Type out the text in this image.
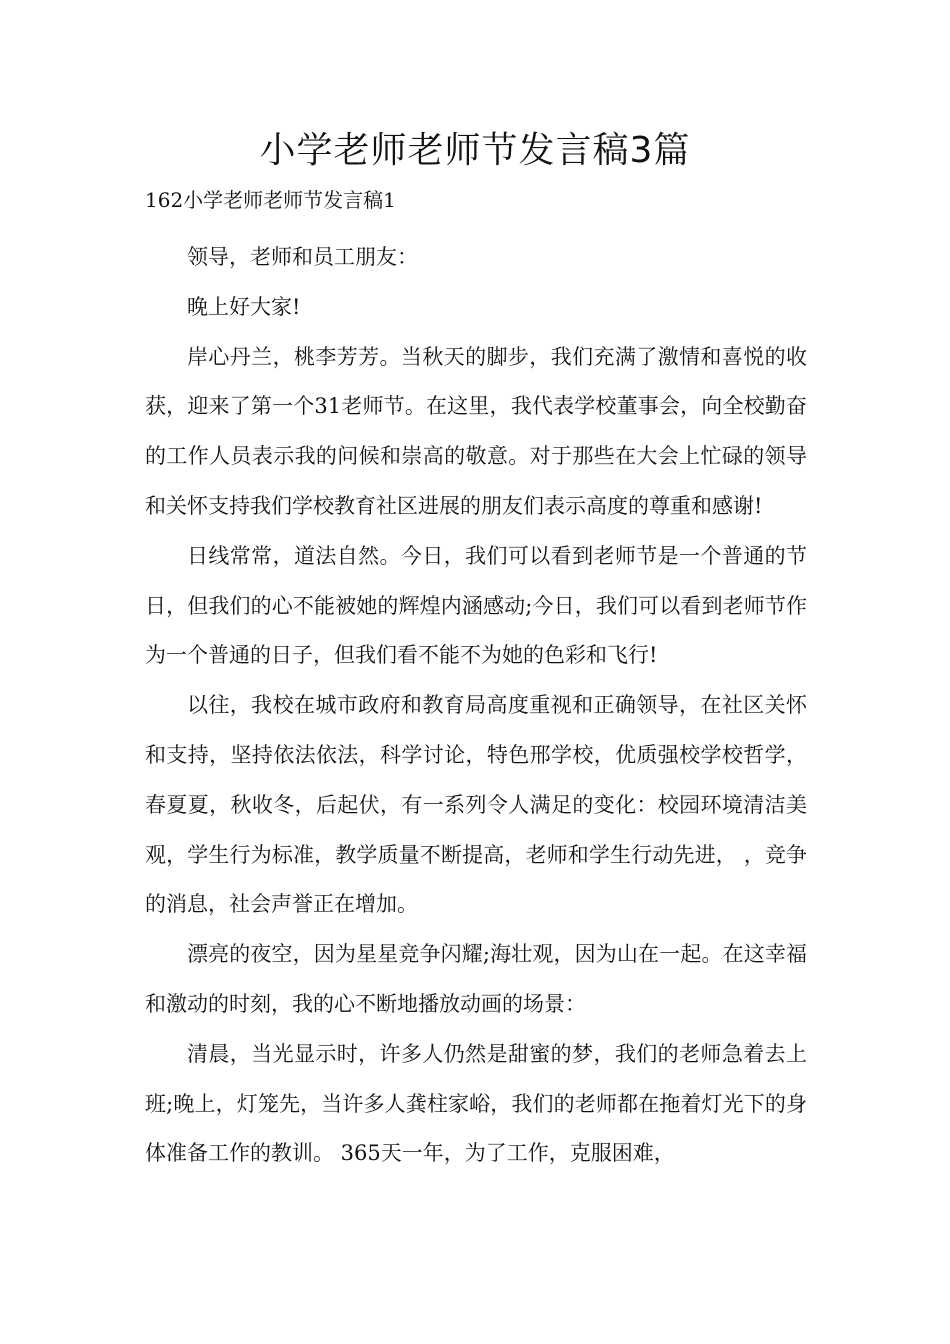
小学老师老师节发言稿3篇
162小学老师老师节发言稿1

领导，老师和员工朋友：

晚上好大家!

岸心丹兰，桃李芳芳。当秋天的脚步，我们充满了激情和喜悦的收获，迎来了第一个31老师节。在这里，我代表学校董事会，向全校勤奋的工作人员表示我的问候和崇高的敬意。对于那些在大会上忙碌的领导和关怀支持我们学校教育社区进展的朋友们表示高度的尊重和感谢!

日线常常，道法自然。今日，我们可以看到老师节是一个普通的节日，但我们的心不能被她的辉煌内涵感动;今日，我们可以看到老师节作为一个普通的日子，但我们看不能不为她的色彩和飞行!

以往，我校在城市政府和教育局高度重视和正确领导，在社区关怀和支持，坚持依法依法，科学讨论，特色邢学校，优质强校学校哲学，春夏夏，秋收冬，后起伏，有一系列令人满足的变化：校园环境清洁美观，学生行为标准，教学质量不断提高，老师和学生行动先进， ，竞争的消息，社会声誉正在增加。

漂亮的夜空，因为星星竞争闪耀;海壮观，因为山在一起。在这幸福和激动的时刻，我的心不断地播放动画的场景：

清晨，当光显示时，许多人仍然是甜蜜的梦，我们的老师急着去上班;晚上，灯笼先，当许多人龚柱家峪，我们的老师都在拖着灯光下的身体准备工作的教训。 365天一年，为了工作，克服困难，
